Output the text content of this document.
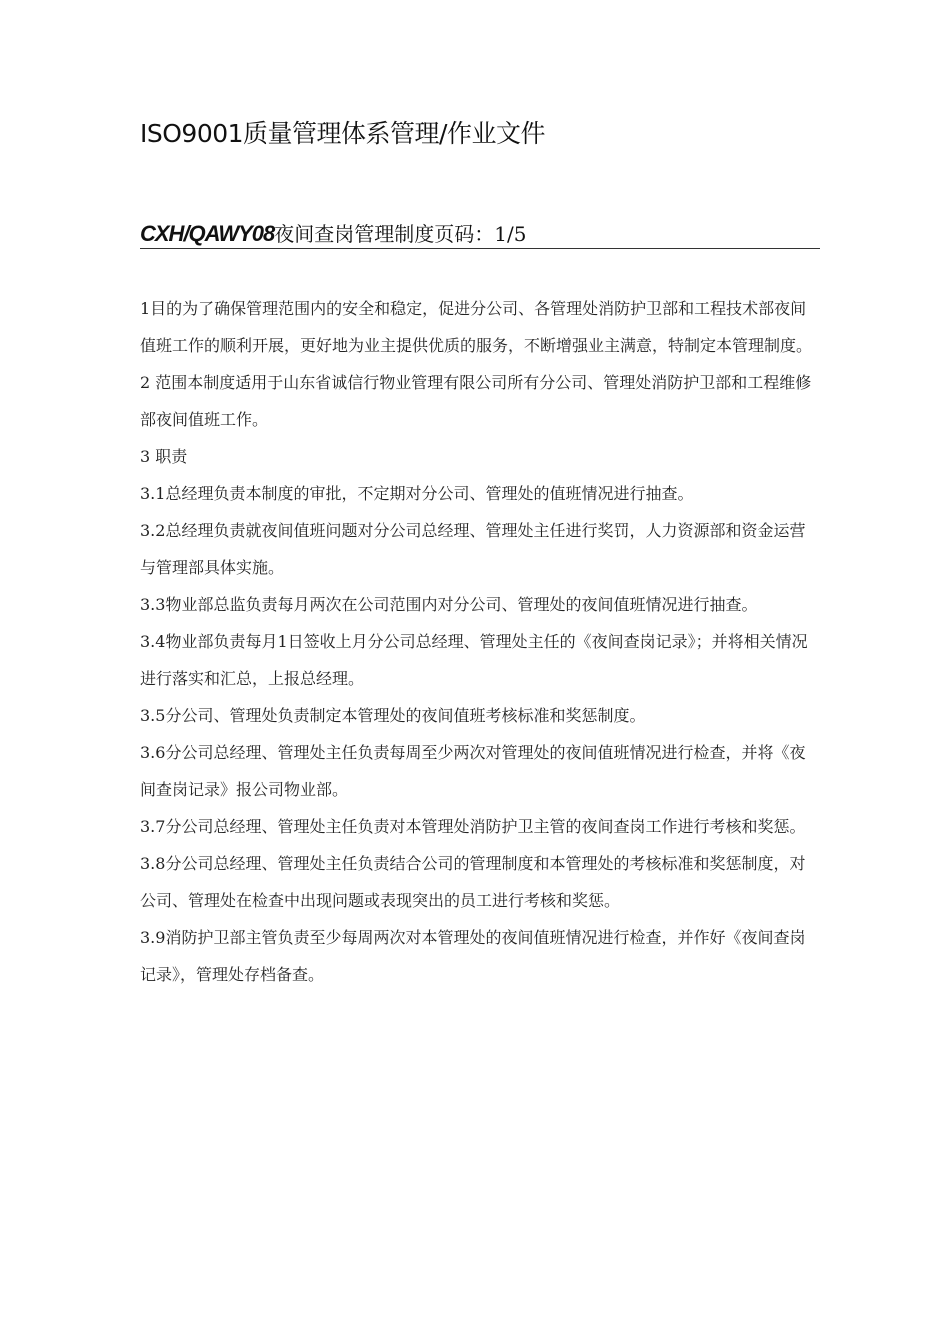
ISO9001质量管理体系管理/作业文件
CXH/QAWY08夜间查岗管理制度页码：1/5

1目的为了确保管理范围内的安全和稳定，促进分公司、各管理处消防护卫部和工程技术部夜间值班工作的顺利开展，更好地为业主提供优质的服务，不断增强业主满意，特制定本管理制度。

2 范围本制度适用于山东省诚信行物业管理有限公司所有分公司、管理处消防护卫部和工程维修部夜间值班工作。

3 职责

3.1总经理负责本制度的审批，不定期对分公司、管理处的值班情况进行抽查。

3.2总经理负责就夜间值班问题对分公司总经理、管理处主任进行奖罚，人力资源部和资金运营与管理部具体实施。

3.3物业部总监负责每月两次在公司范围内对分公司、管理处的夜间值班情况进行抽查。

3.4物业部负责每月1日签收上月分公司总经理、管理处主任的《夜间查岗记录》；并将相关情况进行落实和汇总，上报总经理。

3.5分公司、管理处负责制定本管理处的夜间值班考核标准和奖惩制度。

3.6分公司总经理、管理处主任负责每周至少两次对管理处的夜间值班情况进行检查，并将《夜间查岗记录》报公司物业部。

3.7分公司总经理、管理处主任负责对本管理处消防护卫主管的夜间查岗工作进行考核和奖惩。

3.8分公司总经理、管理处主任负责结合公司的管理制度和本管理处的考核标准和奖惩制度，对公司、管理处在检查中出现问题或表现突出的员工进行考核和奖惩。

3.9消防护卫部主管负责至少每周两次对本管理处的夜间值班情况进行检查，并作好《夜间查岗记录》，管理处存档备查。
